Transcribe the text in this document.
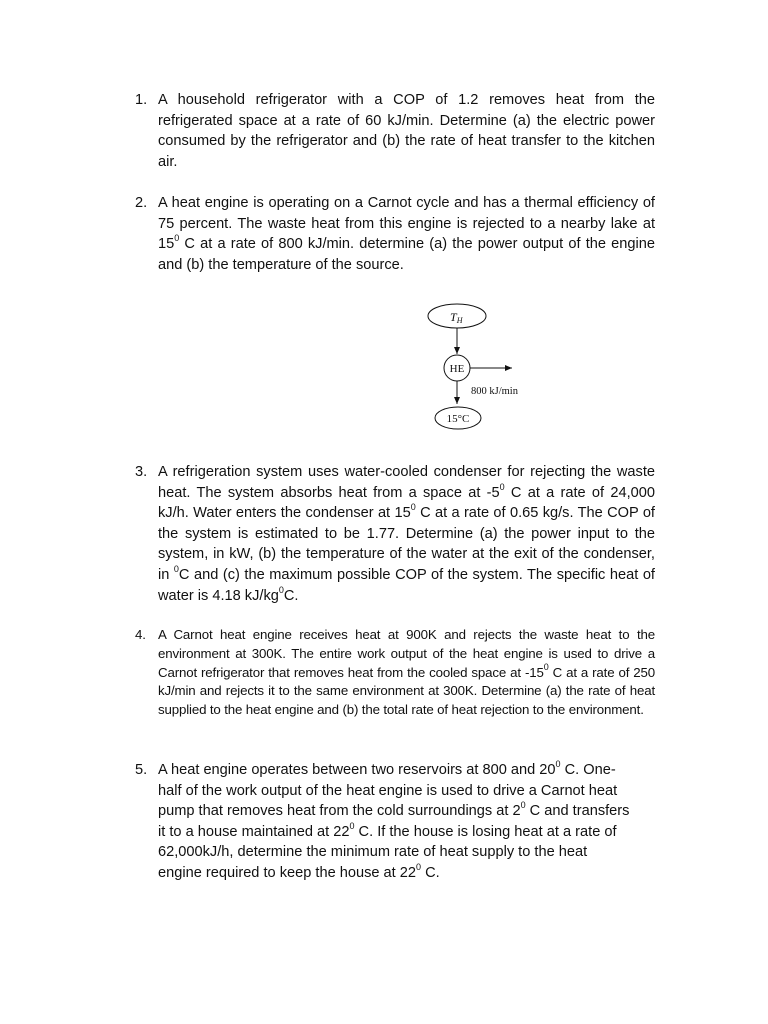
1. A household refrigerator with a COP of 1.2 removes heat from the refrigerated space at a rate of 60 kJ/min. Determine (a) the electric power consumed by the refrigerator and (b) the rate of heat transfer to the kitchen air.
2. A heat engine is operating on a Carnot cycle and has a thermal efficiency of 75 percent. The waste heat from this engine is rejected to a nearby lake at $15^0$ C at a rate of 800 kJ/min. determine (a) the power output of the engine and (b) the temperature of the source.
TH
HE
800 kJ/min
15°C
3. A refrigeration system uses water-cooled condenser for rejecting the waste heat. The system absorbs heat from a space at $-5^0$ C at a rate of 24,000 kJ/h. Water enters the condenser at $15^0$ C at a rate of 0.65 kg/s. The COP of the system is estimated to be 1.77. Determine (a) the power input to the system, in kW, (b) the temperature of the water at the exit of the condenser, in $^0$C and (c) the maximum possible COP of the system. The specific heat of water is 4.18 $kJ/kg^0C$.
4. A Carnot heat engine receives heat at 900K and rejects the waste heat to the environment at 300K. The entire work output of the heat engine is used to drive a Carnot refrigerator that removes heat from the cooled space at $-15^0$ C at a rate of 250 kJ/min and rejects it to the same environment at 300K. Determine (a) the rate of heat supplied to the heat engine and (b) the total rate of heat rejection to the environment.
5. A heat engine operates between two reservoirs at 800 and $20^0$ C. One-half of the work output of the heat engine is used to drive a Carnot heat pump that removes heat from the cold surroundings at $2^0$ C and transfers it to a house maintained at $22^0$ C. If the house is losing heat at a rate of 62,000kJ/h, determine the minimum rate of heat supply to the heat engine required to keep the house at $22^0$ C.
